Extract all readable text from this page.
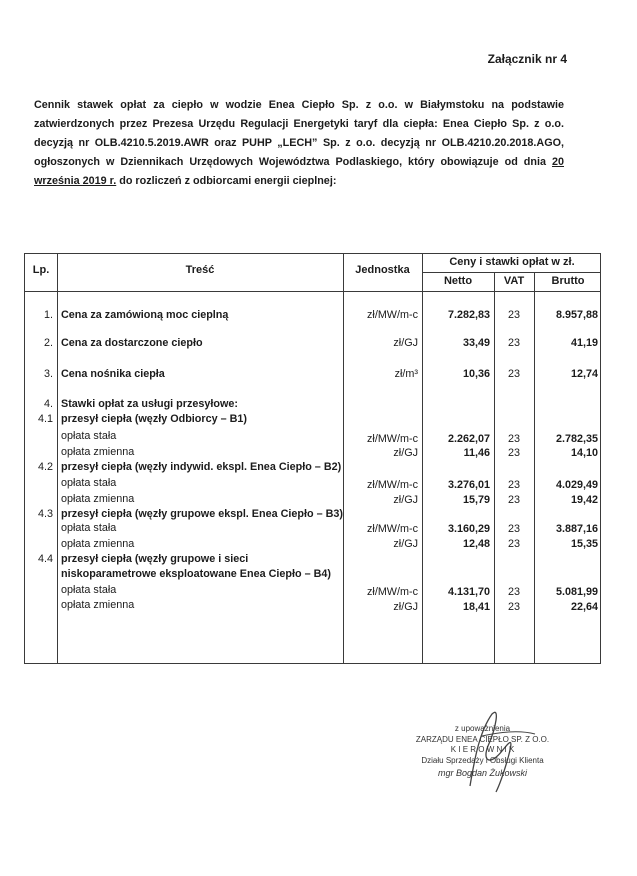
Załącznik nr 4
Cennik stawek opłat za ciepło w wodzie Enea Ciepło Sp. z o.o. w Białymstoku na podstawie zatwierdzonych przez Prezesa Urzędu Regulacji Energetyki taryf dla ciepła: Enea Ciepło Sp. z o.o. decyzją nr OLB.4210.5.2019.AWR oraz PUHP „LECH” Sp. z o.o. decyzją nr OLB.4210.20.2018.AGO, ogłoszonych w Dziennikach Urzędowych Województwa Podlaskiego, który obowiązuje od dnia 20 września 2019 r. do rozliczeń z odbiorcami energii cieplnej:
Lp.	Treść	Jednostka
Ceny i stawki opłat w zł.
Netto	VAT	Brutto
1. Cena za zamówioną moc cieplną	zł/MW/m-c	7.282,83	23	8.957,88
2. Cena za dostarczone ciepło	zł/GJ	33,49	23	41,19
3. Cena nośnika ciepła	zł/m³	10,36	23	12,74
4. Stawki opłat za usługi przesyłowe:
4.1 przesył ciepła (węzły Odbiorcy – B1)
opłata stała	zł/MW/m-c	2.262,07	23	2.782,35
opłata zmienna	zł/GJ	11,46	23	14,10
4.2 przesył ciepła (węzły indywid. ekspl. Enea Ciepło – B2)
opłata stała	zł/MW/m-c	3.276,01	23	4.029,49
opłata zmienna	zł/GJ	15,79	23	19,42
4.3 przesył ciepła (węzły grupowe ekspl. Enea Ciepło – B3)
opłata stała	zł/MW/m-c	3.160,29	23	3.887,16
opłata zmienna	zł/GJ	12,48	23	15,35
4.4 przesył ciepła (węzły grupowe i sieci
niskoparametrowe eksploatowane Enea Ciepło – B4)
opłata stała	zł/MW/m-c	4.131,70	23	5.081,99
opłata zmienna	zł/GJ	18,41	23	22,64
z upoważnienia
ZARZĄDU ENEA CIEPŁO SP. Z O.O.
K I E R O W N I K
Działu Sprzedaży i Obsługi Klienta
mgr Bogdan Żukowski
